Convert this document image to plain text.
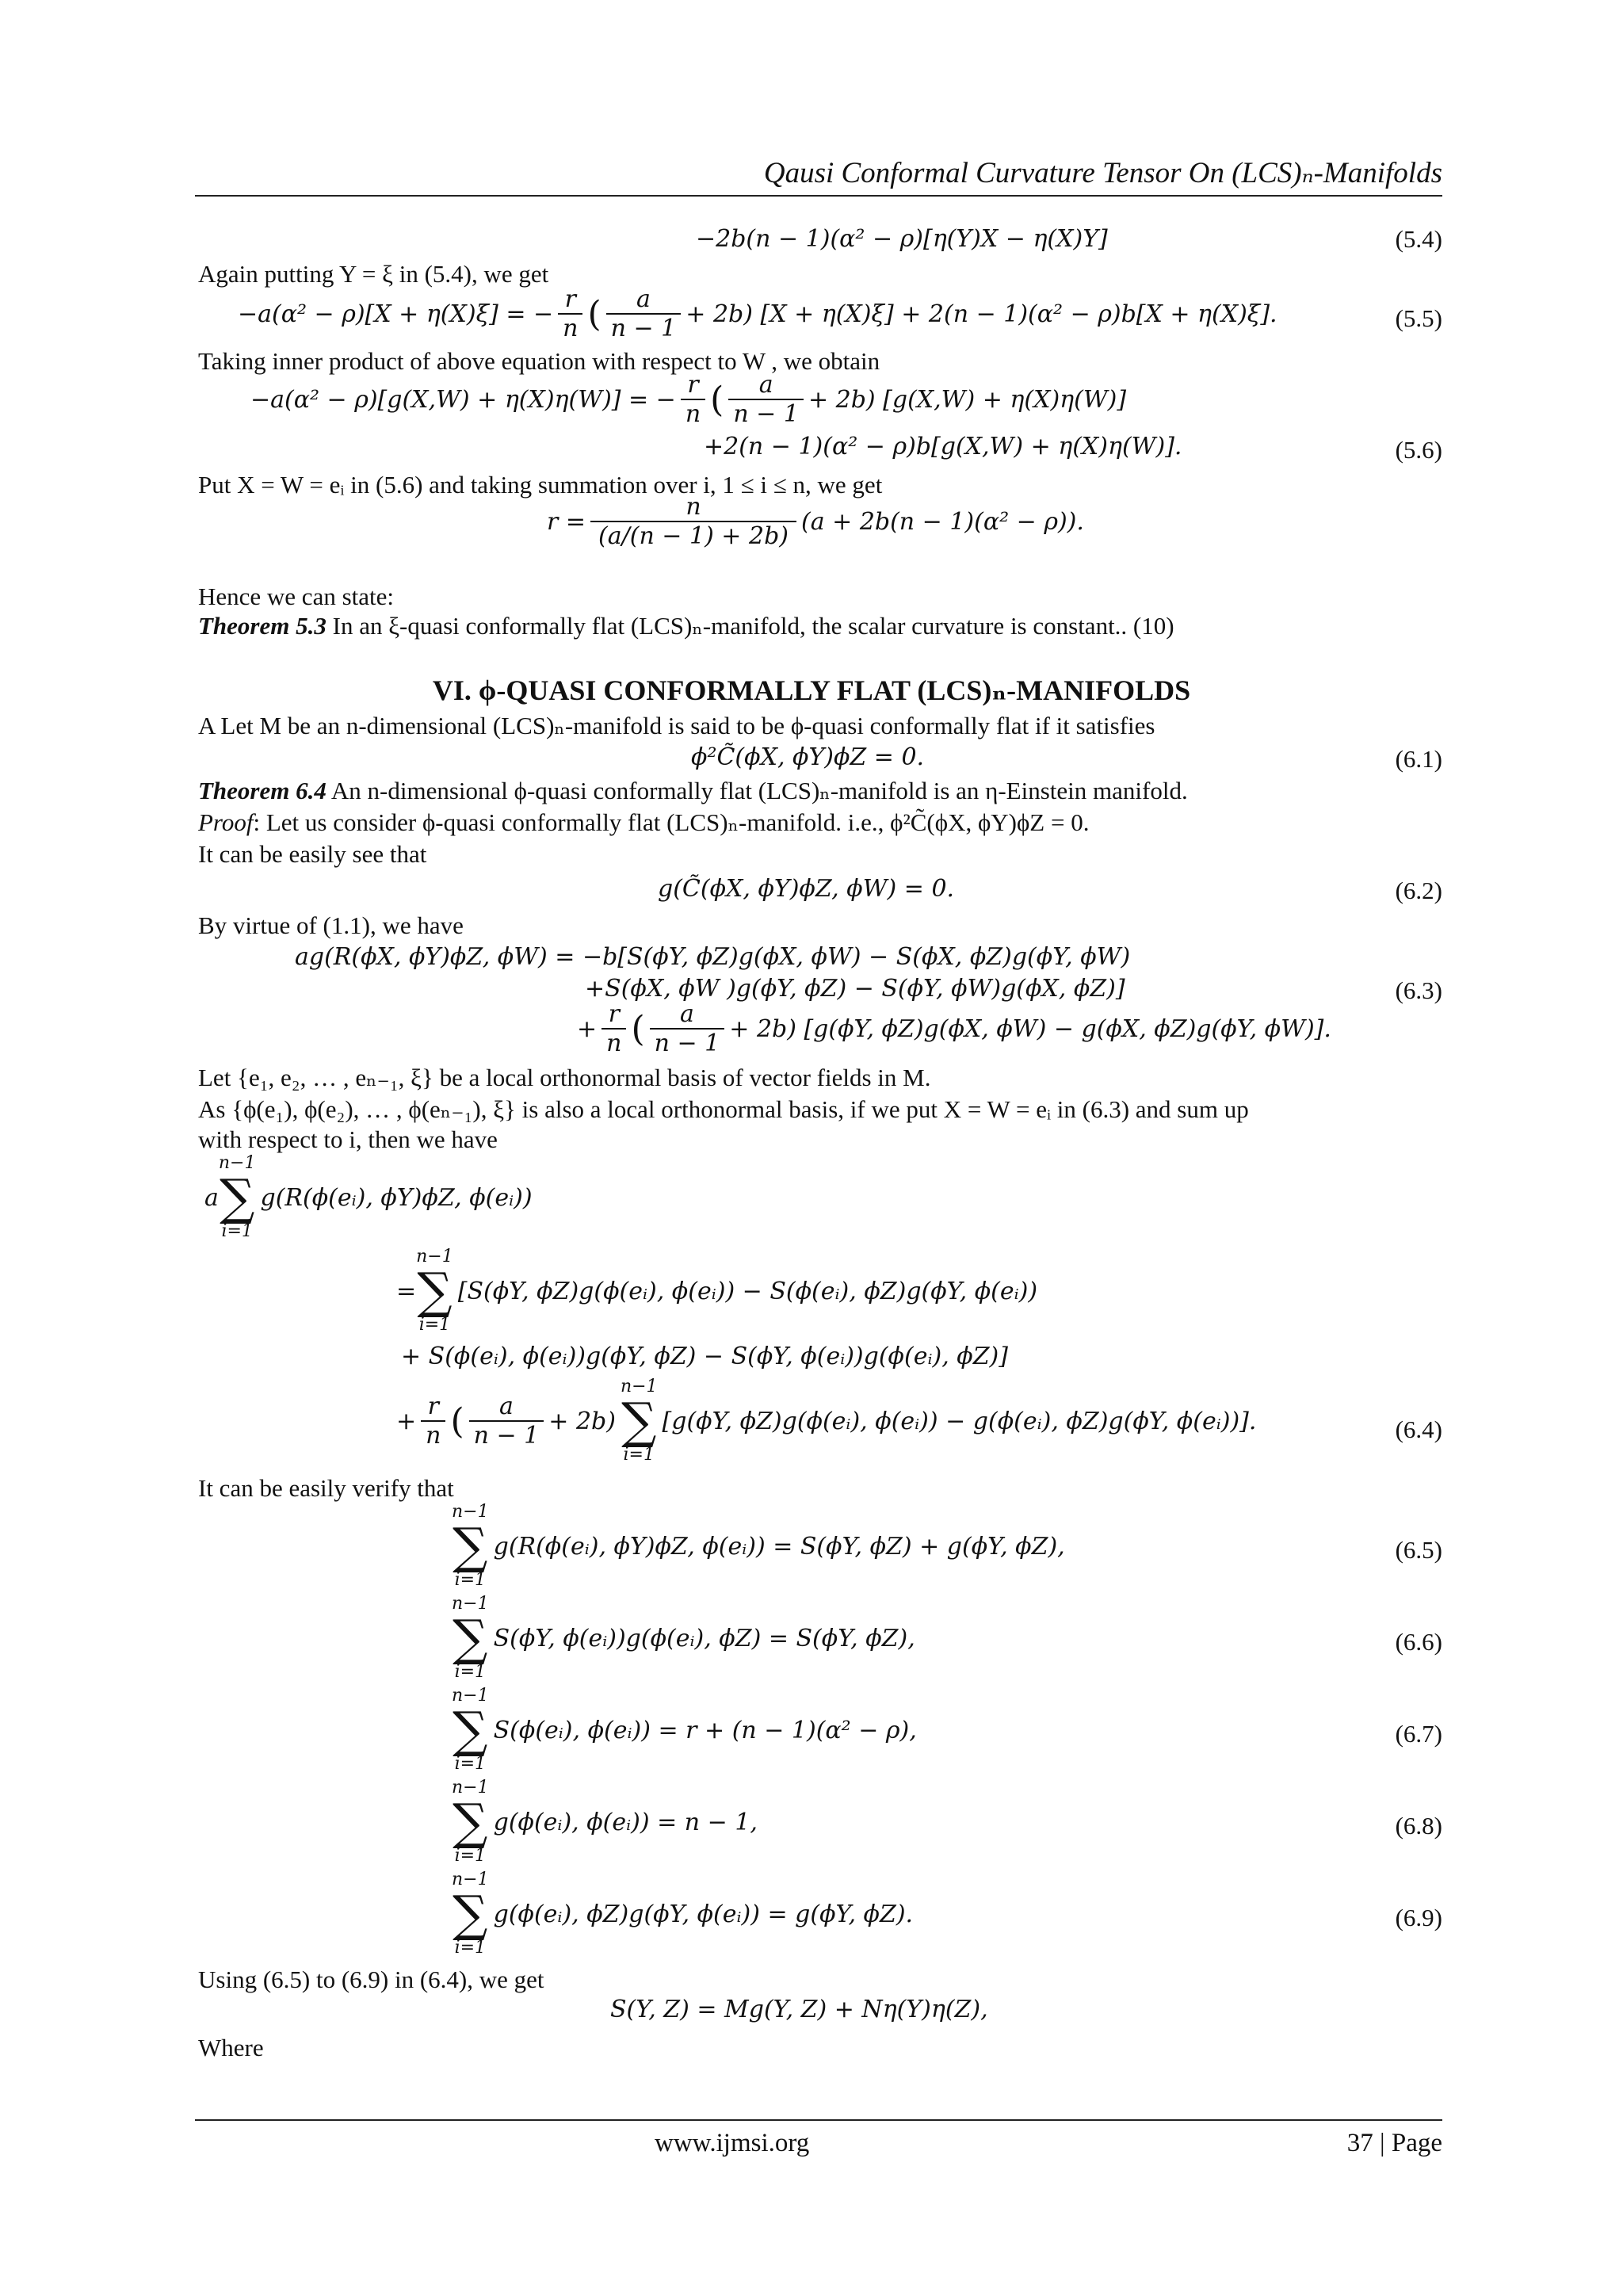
Qausi Conformal Curvature Tensor On (LCS)ₙ-Manifolds
−2b(n − 1)(α² − ρ)[η(Y)X − η(X)Y]	(5.4)
Again putting Y = ξ in (5.4), we get
−a(α² − ρ)[X + η(X)ξ] = − $\frac{r}{n}$ ( $\frac{a}{n - 1} + 2b$) [X + η(X)ξ] + 2(n − 1)(α² − ρ)b[X + η(X)ξ].	(5.5)
Taking inner product of above equation with respect to W , we obtain
−a(α² − ρ)[g(X,W) + η(X)η(W)] = − $\frac{r}{n}$ ( $\frac{a}{n - 1} + 2b$) [g(X,W) + η(X)η(W)]
+2(n − 1)(α² − ρ)b[g(X,W) + η(X)η(W)].	(5.6)
Put X = W = eᵢ in (5.6) and taking summation over i, 1 ≤ i ≤ n, we get
$r = \frac{n}{(a/(n - 1) + 2b)} (a + 2b(n - 1)(\alpha^2 - \rho))$.
Hence we can state:
Theorem 5.3 In an ξ-quasi conformally flat (LCS)ₙ-manifold, the scalar curvature is constant.. (10)
VI. ϕ-QUASI CONFORMALLY FLAT (LCS)ₙ-MANIFOLDS
A Let M be an n-dimensional (LCS)ₙ-manifold is said to be ϕ-quasi conformally flat if it satisfies
ϕ²C̃(ϕX, ϕY)ϕZ = 0.	(6.1)
Theorem 6.4 An n-dimensional ϕ-quasi conformally flat (LCS)ₙ-manifold is an η-Einstein manifold.
Proof: Let us consider ϕ-quasi conformally flat (LCS)ₙ-manifold. i.e., ϕ²C̃(ϕX, ϕY)ϕZ = 0.
It can be easily see that
g(C̃(ϕX, ϕY)ϕZ, ϕW) = 0.	(6.2)
By virtue of (1.1), we have
ag(R(ϕX, ϕY)ϕZ, ϕW) = −b[S(ϕY, ϕZ)g(ϕX, ϕW) − S(ϕX, ϕZ)g(ϕY, ϕW)
+S(ϕX, ϕW )g(ϕY, ϕZ) − S(ϕY, ϕW)g(ϕX, ϕZ)]	(6.3)
+ $\frac{r}{n}$ ( $\frac{a}{n - 1} + 2b$) [g(ϕY, ϕZ)g(ϕX, ϕW) − g(ϕX, ϕZ)g(ϕY, ϕW)].
Let {e₁, e₂, … , eₙ₋₁, ξ} be a local orthonormal basis of vector fields in M.
As {ϕ(e₁), ϕ(e₂), … , ϕ(eₙ₋₁), ξ} is also a local orthonormal basis, if we put X = W = eᵢ in (6.3) and sum up
with respect to i, then we have
a
n−1
∑
i=1
g(R(ϕ(eᵢ), ϕY)ϕZ, ϕ(eᵢ))
=
n−1
∑
i=1
[S(ϕY, ϕZ)g(ϕ(eᵢ), ϕ(eᵢ)) − S(ϕ(eᵢ), ϕZ)g(ϕY, ϕ(eᵢ))
+ S(ϕ(eᵢ), ϕ(eᵢ))g(ϕY, ϕZ) − S(ϕY, ϕ(eᵢ))g(ϕ(eᵢ), ϕZ)]
+ $\frac{r}{n}$ ( $\frac{a}{n - 1} + 2b$)
n−1
∑
i=1
[g(ϕY, ϕZ)g(ϕ(eᵢ), ϕ(eᵢ)) − g(ϕ(eᵢ), ϕZ)g(ϕY, ϕ(eᵢ))].	(6.4)
It can be easily verify that
n−1
∑
i=1
g(R(ϕ(eᵢ), ϕY)ϕZ, ϕ(eᵢ)) = S(ϕY, ϕZ) + g(ϕY, ϕZ),	(6.5)
n−1
∑
i=1
S(ϕY, ϕ(eᵢ))g(ϕ(eᵢ), ϕZ) = S(ϕY, ϕZ),	(6.6)
n−1
∑
i=1
S(ϕ(eᵢ), ϕ(eᵢ)) = r + (n − 1)(α² − ρ),	(6.7)
n−1
∑
i=1
g(ϕ(eᵢ), ϕ(eᵢ)) = n − 1,	(6.8)
n−1
∑
i=1
g(ϕ(eᵢ), ϕZ)g(ϕY, ϕ(eᵢ)) = g(ϕY, ϕZ).	(6.9)
Using (6.5) to (6.9) in (6.4), we get
S(Y, Z) = Mg(Y, Z) + Nη(Y)η(Z),
Where
www.ijmsi.org	37 | Page
